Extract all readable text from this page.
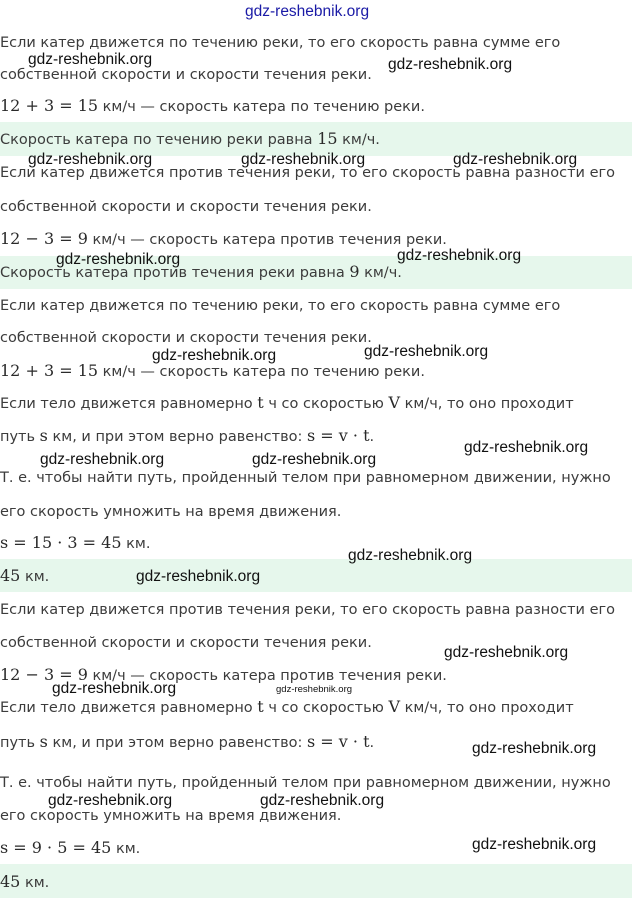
Если катер движется по течению реки, то его скорость равна сумме его
собственной скорости и скорости течения реки.
12 + 3 = 15 км/ч — скорость катера по течению реки.
Скорость катера по течению реки равна 15 км/ч.
Если катер движется против течения реки, то его скорость равна разности его
собственной скорости и скорости течения реки.
12 − 3 = 9 км/ч — скорость катера против течения реки.
Скорость катера против течения реки равна 9 км/ч.
Если катер движется по течению реки, то его скорость равна сумме его
собственной скорости и скорости течения реки.
12 + 3 = 15 км/ч — скорость катера по течению реки.
Если тело движется равномерно t ч со скоростью V км/ч, то оно проходит
путь s км, и при этом верно равенство: s = v · t.
Т. е. чтобы найти путь, пройденный телом при равномерном движении, нужно
его скорость умножить на время движения.
s = 15 · 3 = 45 км.
45 км.
Если катер движется против течения реки, то его скорость равна разности его
собственной скорости и скорости течения реки.
12 − 3 = 9 км/ч — скорость катера против течения реки.
Если тело движется равномерно t ч со скоростью V км/ч, то оно проходит
путь s км, и при этом верно равенство: s = v · t.
Т. е. чтобы найти путь, пройденный телом при равномерном движении, нужно
его скорость умножить на время движения.
s = 9 · 5 = 45 км.
45 км.
gdz-reshebnik.org
gdz-reshebnik.org	gdz-reshebnik.org
gdz-reshebnik.org	gdz-reshebnik.org	gdz-reshebnik.org
gdz-reshebnik.org	gdz-reshebnik.org
gdz-reshebnik.org	gdz-reshebnik.org
gdz-reshebnik.org
gdz-reshebnik.org	gdz-reshebnik.org
gdz-reshebnik.org
gdz-reshebnik.org
gdz-reshebnik.org
gdz-reshebnik.org	gdz-reshebnik.org
gdz-reshebnik.org
gdz-reshebnik.org	gdz-reshebnik.org
gdz-reshebnik.org
